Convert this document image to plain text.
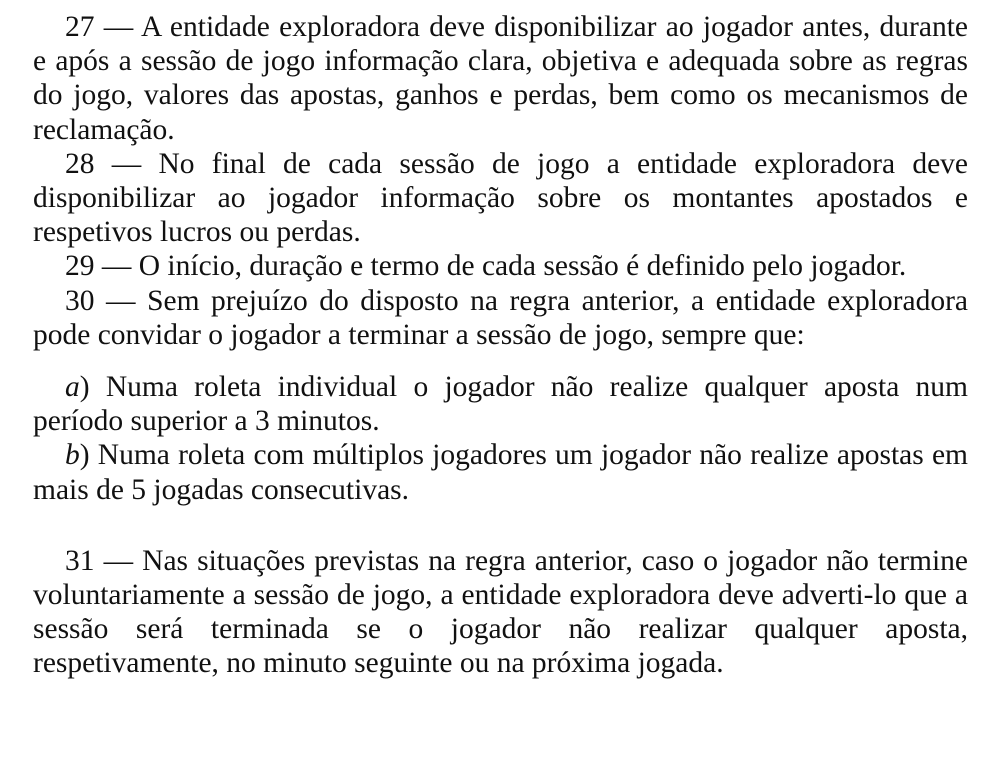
27 — A entidade exploradora deve disponibilizar ao jogador antes, durante e após a sessão de jogo informação clara, objetiva e adequada sobre as regras do jogo, valores das apostas, ganhos e perdas, bem como os mecanismos de reclamação.

28 — No final de cada sessão de jogo a entidade exploradora deve disponibilizar ao jogador informação sobre os montantes apostados e respetivos lucros ou perdas.

29 — O início, duração e termo de cada sessão é definido pelo jogador.

30 — Sem prejuízo do disposto na regra anterior, a entidade exploradora pode convidar o jogador a terminar a sessão de jogo, sempre que:

a) Numa roleta individual o jogador não realize qualquer aposta num período superior a 3 minutos.

b) Numa roleta com múltiplos jogadores um jogador não realize apostas em mais de 5 jogadas consecutivas.

31 — Nas situações previstas na regra anterior, caso o jogador não termine voluntariamente a sessão de jogo, a entidade exploradora deve adverti-lo que a sessão será terminada se o jogador não realizar qualquer aposta, respetivamente, no minuto seguinte ou na próxima jogada.
